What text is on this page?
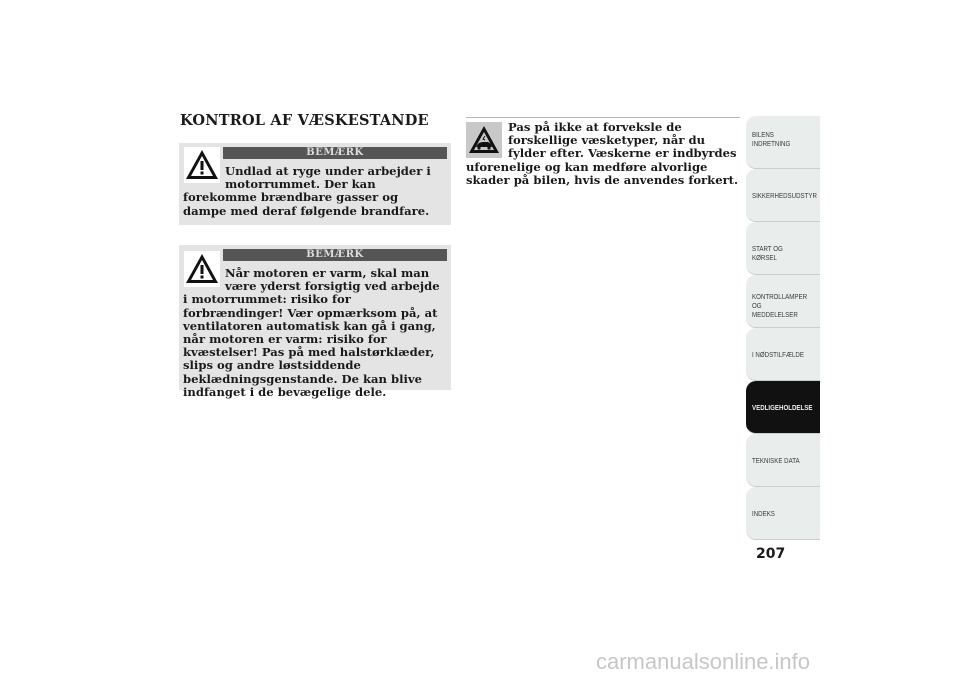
KONTROL AF VÆSKESTANDE
BEMÆRK
Undlad at ryge under arbejder i motorrummet. Der kan forekomme brændbare gasser og dampe med deraf følgende brandfare.
BEMÆRK
Når motoren er varm, skal man være yderst forsigtig ved arbejde i motorrummet: risiko for forbrændinger! Vær opmærksom på, at ventilatoren automatisk kan gå i gang, når motoren er varm: risiko for kvæstelser! Pas på med halstørklæder, slips og andre løstsiddende beklædningsgenstande. De kan blive indfanget i de bevægelige dele.
Pas på ikke at forveksle de forskellige væsketyper, når du fylder efter. Væskerne er indbyrdes uforenelige og kan medføre alvorlige skader på bilen, hvis de anvendes forkert.
BILENS
INDRETNING
SIKKERHEDSUDSTYR
START OG KØRSEL
KONTROLLAMPER
OG MEDDELELSER
I NØDSTILFÆLDE
VEDLIGEHOLDELSE
TEKNISKE DATA
INDEKS
207
carmanualsonline.info
